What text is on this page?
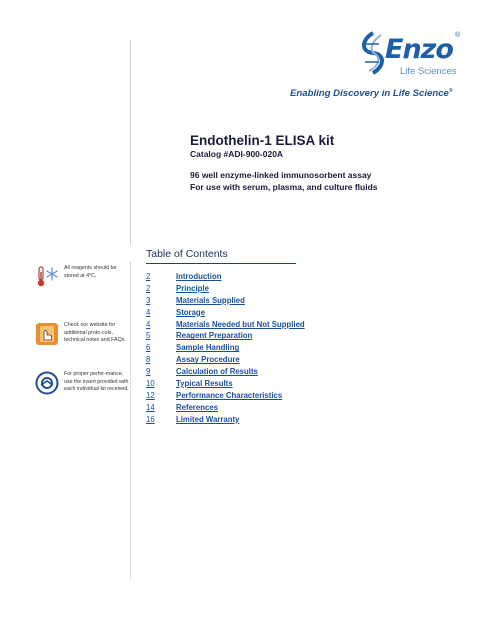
Enzo ®
Life Sciences
Enabling Discovery in Life Science®
Endothelin-1 ELISA kit
Catalog #ADI-900-020A
96 well enzyme-linked immunosorbent assay
For use with serum, plasma, and culture fluids
Table of Contents
2	Introduction
2	Principle
3	Materials Supplied
4	Storage
4	Materials Needed but Not Supplied
5	Reagent Preparation
6	Sample Handling
8	Assay Procedure
9	Calculation of Results
10	Typical Results
12	Performance Characteristics
14	References
16	Limited Warranty
All reagents should be stored at 4°C.
Check our website for additional proto-cols, technical notes and FAQs.
For proper perfor-mance, use the insert provided with each individual kit received.
